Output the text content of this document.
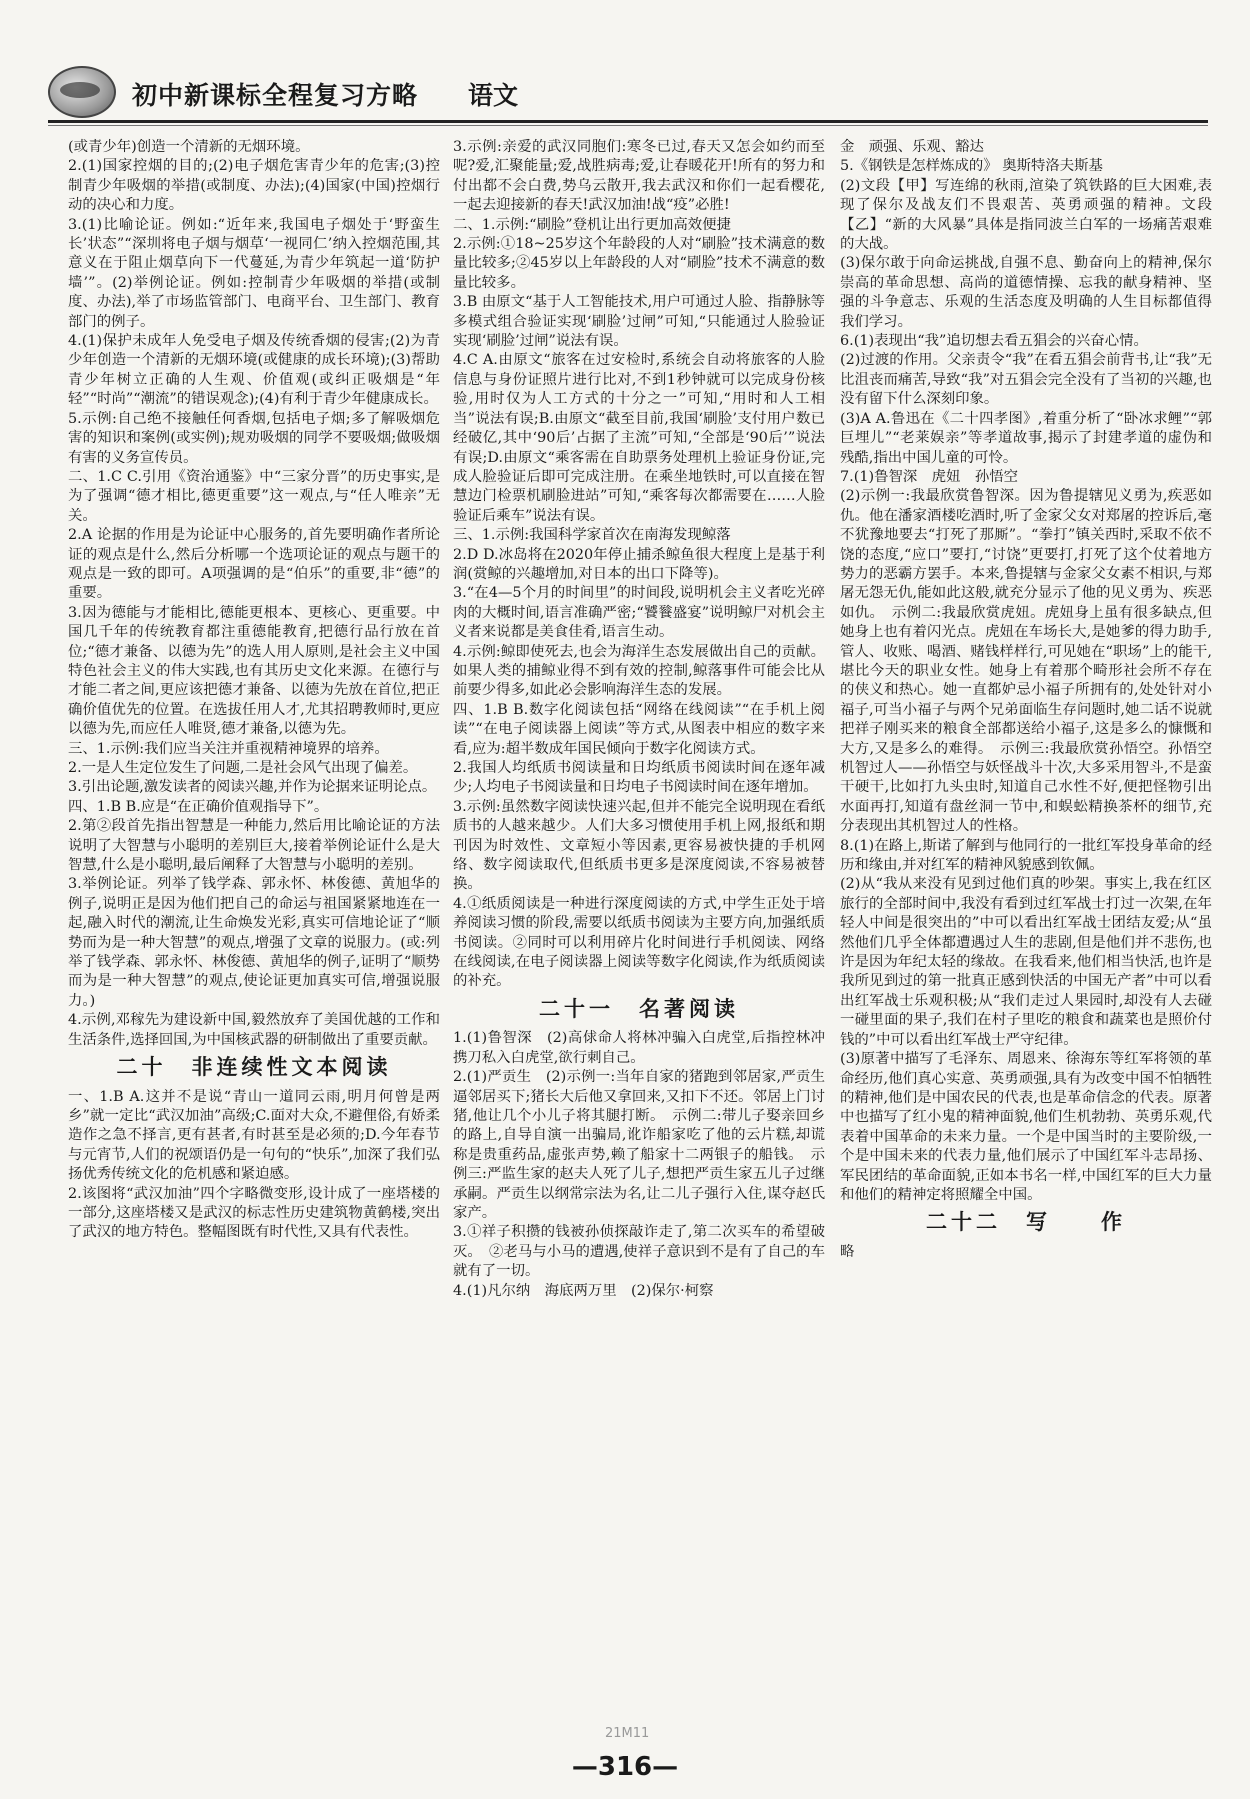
初中新课标全程复习方略 语文

(或青少年)创造一个清新的无烟环境。

2.(1)国家控烟的目的;(2)电子烟危害青少年的危害;(3)控制青少年吸烟的举措(或制度、办法);(4)国家(中国)控烟行动的决心和力度。

3.(1)比喻论证。例如:“近年来,我国电子烟处于‘野蛮生长’状态”“深圳将电子烟与烟草‘一视同仁’纳入控烟范围,其意义在于阻止烟草向下一代蔓延,为青少年筑起一道‘防护墙’”。(2)举例论证。例如:控制青少年吸烟的举措(或制度、办法),举了市场监管部门、电商平台、卫生部门、教育部门的例子。

4.(1)保护未成年人免受电子烟及传统香烟的侵害;(2)为青少年创造一个清新的无烟环境(或健康的成长环境);(3)帮助青少年树立正确的人生观、价值观(或纠正吸烟是“年轻”“时尚”“潮流”的错误观念);(4)有利于青少年健康成长。

5.示例:自己绝不接触任何香烟,包括电子烟;多了解吸烟危害的知识和案例(或实例);规劝吸烟的同学不要吸烟;做吸烟有害的义务宣传员。

二、1.C C.引用《资治通鉴》中“三家分晋”的历史事实,是为了强调“德才相比,德更重要”这一观点,与“任人唯亲”无关。

2.A 论据的作用是为论证中心服务的,首先要明确作者所论证的观点是什么,然后分析哪一个选项论证的观点与题干的观点是一致的即可。A项强调的是“伯乐”的重要,非“德”的重要。

3.因为德能与才能相比,德能更根本、更核心、更重要。中国几千年的传统教育都注重德能教育,把德行品行放在首位;“德才兼备、以德为先”的选人用人原则,是社会主义中国特色社会主义的伟大实践,也有其历史文化来源。在德行与才能二者之间,更应该把德才兼备、以德为先放在首位,把正确价值优先的位置。在选拔任用人才,尤其招聘教师时,更应以德为先,而应任人唯贤,德才兼备,以德为先。

三、1.示例:我们应当关注并重视精神境界的培养。

2.一是人生定位发生了问题,二是社会风气出现了偏差。

3.引出论题,激发读者的阅读兴趣,并作为论据来证明论点。

四、1.B B.应是“在正确价值观指导下”。

2.第②段首先指出智慧是一种能力,然后用比喻论证的方法说明了大智慧与小聪明的差别巨大,接着举例论证什么是大智慧,什么是小聪明,最后阐释了大智慧与小聪明的差别。

3.举例论证。列举了钱学森、郭永怀、林俊德、黄旭华的例子,说明正是因为他们把自己的命运与祖国紧紧地连在一起,融入时代的潮流,让生命焕发光彩,真实可信地论证了“顺势而为是一种大智慧”的观点,增强了文章的说服力。(或:列举了钱学森、郭永怀、林俊德、黄旭华的例子,证明了“顺势而为是一种大智慧”的观点,使论证更加真实可信,增强说服力。)

4.示例,邓稼先为建设新中国,毅然放弃了美国优越的工作和生活条件,选择回国,为中国核武器的研制做出了重要贡献。

二十　非连续性文本阅读

一、1.B A.这并不是说“青山一道同云雨,明月何曾是两乡”就一定比“武汉加油”高级;C.面对大众,不避俚俗,有娇柔造作之急不择言,更有甚者,有时甚至是必须的;D.今年春节与元宵节,人们的祝颂语仍是一句句的“快乐”,加深了我们弘扬优秀传统文化的危机感和紧迫感。

2.该图将“武汉加油”四个字略微变形,设计成了一座塔楼的一部分,这座塔楼又是武汉的标志性历史建筑物黄鹤楼,突出了武汉的地方特色。整幅图既有时代性,又具有代表性。

3.示例:亲爱的武汉同胞们:寒冬已过,春天又怎会如约而至呢?爱,汇聚能量;爱,战胜病毒;爱,让春暖花开!所有的努力和付出都不会白费,势乌云散开,我去武汉和你们一起看樱花,一起去迎接新的春天!武汉加油!战“疫”必胜!

二、1.示例:“刷脸”登机让出行更加高效便捷

2.示例:①18~25岁这个年龄段的人对“刷脸”技术满意的数量比较多;②45岁以上年龄段的人对“刷脸”技术不满意的数量比较多。

3.B 由原文“基于人工智能技术,用户可通过人脸、指静脉等多模式组合验证实现‘刷脸’过闸”可知,“只能通过人脸验证实现‘刷脸’过闸”说法有误。

4.C A.由原文“旅客在过安检时,系统会自动将旅客的人脸信息与身份证照片进行比对,不到1秒钟就可以完成身份核验,用时仅为人工方式的十分之一”可知,“用时和人工相当”说法有误;B.由原文“截至目前,我国‘刷脸’支付用户数已经破亿,其中‘90后’占据了主流”可知,“全部是‘90后’”说法有误;D.由原文“乘客需在自助票务处理机上验证身份证,完成人脸验证后即可完成注册。在乘坐地铁时,可以直接在智慧边门检票机刷脸进站”可知,“乘客每次都需要在……人脸验证后乘车”说法有误。

三、1.示例:我国科学家首次在南海发现鲸落

2.D D.冰岛将在2020年停止捕杀鲸鱼很大程度上是基于利润(赏鲸的兴趣增加,对日本的出口下降等)。

3.“在4—5个月的时间里”的时间段,说明机会主义者吃光碎肉的大概时间,语言准确严密;“饕餮盛宴”说明鲸尸对机会主义者来说都是美食佳肴,语言生动。

4.示例:鲸即使死去,也会为海洋生态发展做出自己的贡献。如果人类的捕鲸业得不到有效的控制,鲸落事件可能会比从前要少得多,如此必会影响海洋生态的发展。

四、1.B B.数字化阅读包括“网络在线阅读”“在手机上阅读”“在电子阅读器上阅读”等方式,从图表中相应的数字来看,应为:超半数成年国民倾向于数字化阅读方式。

2.我国人均纸质书阅读量和日均纸质书阅读时间在逐年减少;人均电子书阅读量和日均电子书阅读时间在逐年增加。

3.示例:虽然数字阅读快速兴起,但并不能完全说明现在看纸质书的人越来越少。人们大多习惯使用手机上网,报纸和期刊因为时效性、文章短小等因素,更容易被快捷的手机网络、数字阅读取代,但纸质书更多是深度阅读,不容易被替换。

4.①纸质阅读是一种进行深度阅读的方式,中学生正处于培养阅读习惯的阶段,需要以纸质书阅读为主要方向,加强纸质书阅读。②同时可以利用碎片化时间进行手机阅读、网络在线阅读,在电子阅读器上阅读等数字化阅读,作为纸质阅读的补充。

二十一　名著阅读

1.(1)鲁智深　(2)高俅命人将林冲骗入白虎堂,后指控林冲携刀私入白虎堂,欲行刺自己。

2.(1)严贡生　(2)示例一:当年自家的猪跑到邻居家,严贡生逼邻居买下;猪长大后他又拿回来,又扣下不还。邻居上门讨猪,他让几个小儿子将其腿打断。　示例二:带儿子娶亲回乡的路上,自导自演一出骗局,讹诈船家吃了他的云片糕,却谎称是贵重药品,虚张声势,赖了船家十二两银子的船钱。　示例三:严监生家的赵夫人死了儿子,想把严贡生家五儿子过继承嗣。严贡生以纲常宗法为名,让二儿子强行入住,谋夺赵氏家产。

3.①祥子积攒的钱被孙侦探敲诈走了,第二次买车的希望破灭。　②老马与小马的遭遇,使祥子意识到不是有了自己的车就有了一切。

4.(1)凡尔纳　海底两万里　(2)保尔·柯察

金　顽强、乐观、豁达

5.《钢铁是怎样炼成的》 奥斯特洛夫斯基

(2)文段【甲】写连绵的秋雨,渲染了筑铁路的巨大困难,表现了保尔及战友们不畏艰苦、英勇顽强的精神。文段【乙】“新的大风暴”具体是指同波兰白军的一场痛苦艰难的大战。

(3)保尔敢于向命运挑战,自强不息、勤奋向上的精神,保尔崇高的革命思想、高尚的道德情操、忘我的献身精神、坚强的斗争意志、乐观的生活态度及明确的人生目标都值得我们学习。

6.(1)表现出“我”追切想去看五猖会的兴奋心情。

(2)过渡的作用。父亲责令“我”在看五猖会前背书,让“我”无比沮丧而痛苦,导致“我”对五猖会完全没有了当初的兴趣,也没有留下什么深刻印象。

(3)A A.鲁迅在《二十四孝图》,着重分析了“卧冰求鲤”“郭巨埋儿”“老莱娱亲”等孝道故事,揭示了封建孝道的虚伪和残酷,指出中国儿童的可怜。

7.(1)鲁智深　虎妞　孙悟空

(2)示例一:我最欣赏鲁智深。因为鲁提辖见义勇为,疾恶如仇。他在潘家酒楼吃酒时,听了金家父女对郑屠的控诉后,毫不犹豫地要去“打死了那厮”。“拳打”镇关西时,采取不依不饶的态度,“应口”要打,“讨饶”更要打,打死了这个仗着地方势力的恶霸方罢手。本来,鲁提辖与金家父女素不相识,与郑屠无怨无仇,能如此这般,就充分显示了他的见义勇为、疾恶如仇。　示例二:我最欣赏虎妞。虎妞身上虽有很多缺点,但她身上也有着闪光点。虎妞在车场长大,是她爹的得力助手,管人、收账、喝酒、赌钱样样行,可见她在“职场”上的能干,堪比今天的职业女性。她身上有着那个畸形社会所不存在的侠义和热心。她一直都妒忌小福子所拥有的,处处针对小福子,可当小福子与两个兄弟面临生存问题时,她二话不说就把祥子刚买来的粮食全部都送给小福子,这是多么的慷慨和大方,又是多么的难得。　示例三:我最欣赏孙悟空。孙悟空机智过人——孙悟空与妖怪战斗十次,大多采用智斗,不是蛮干硬干,比如打九头虫时,知道自己水性不好,便把怪物引出水面再打,知道有盘丝洞一节中,和蜈蚣精换茶杯的细节,充分表现出其机智过人的性格。

8.(1)在路上,斯诺了解到与他同行的一批红军投身革命的经历和缘由,并对红军的精神风貌感到钦佩。

(2)从“我从来没有见到过他们真的吵架。事实上,我在红区旅行的全部时间中,我没有看到过红军战士打过一次架,在年轻人中间是很突出的”中可以看出红军战士团结友爱;从“虽然他们几乎全体都遭遇过人生的悲剧,但是他们并不悲伤,也许是因为年纪太轻的缘故。在我看来,他们相当快活,也许是我所见到过的第一批真正感到快活的中国无产者”中可以看出红军战士乐观积极;从“我们走过人果园时,却没有人去碰一碰里面的果子,我们在村子里吃的粮食和蔬菜也是照价付钱的”中可以看出红军战士严守纪律。

(3)原著中描写了毛泽东、周恩来、徐海东等红军将领的革命经历,他们真心实意、英勇顽强,具有为改变中国不怕牺牲的精神,他们是中国农民的代表,也是革命信念的代表。原著中也描写了红小鬼的精神面貌,他们生机勃勃、英勇乐观,代表着中国革命的未来力量。一个是中国当时的主要阶级,一个是中国未来的代表力量,他们展示了中国红军斗志昂扬、军民团结的革命面貌,正如本书名一样,中国红军的巨大力量和他们的精神定将照耀全中国。

二十二　写　　作

略

21M11
—316—
